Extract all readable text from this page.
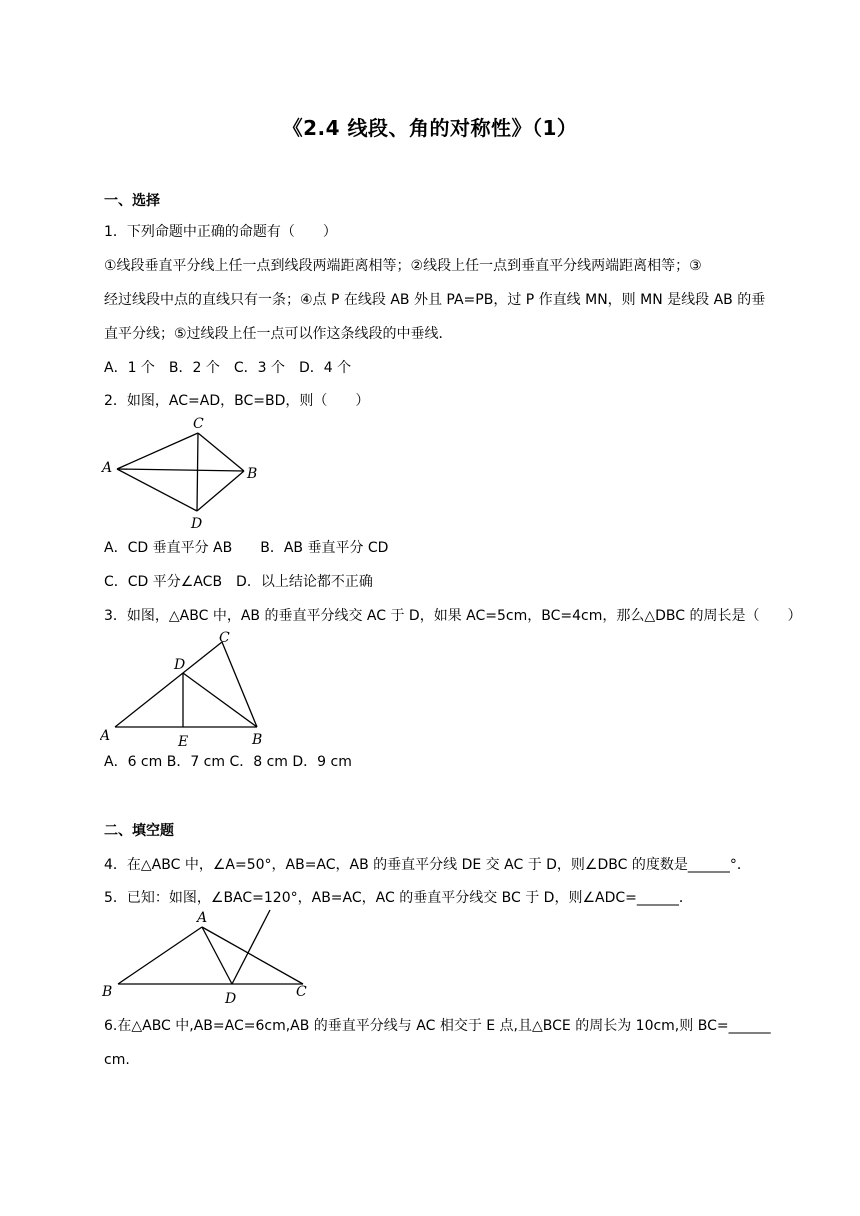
《2.4 线段、角的对称性》（1）
一、选择
1．下列命题中正确的命题有（　　）
①线段垂直平分线上任一点到线段两端距离相等；②线段上任一点到垂直平分线两端距离相等；③
经过线段中点的直线只有一条；④点 P 在线段 AB 外且 PA=PB，过 P 作直线 MN，则 MN 是线段 AB 的垂
直平分线；⑤过线段上任一点可以作这条线段的中垂线．
A．1 个　B．2 个　C．3 个　D．4 个
2．如图，AC=AD，BC=BD，则（　　）
A
C
B
D
A．CD 垂直平分 AB　　B．AB 垂直平分 CD
C．CD 平分∠ACB　D．以上结论都不正确
3．如图，△ABC 中，AB 的垂直平分线交 AC 于 D，如果 AC=5cm，BC=4cm，那么△DBC 的周长是（　　）
A
C
D
E	B
A．6 cm B．7 cm C．8 cm D．9 cm
二、填空题
4．在△ABC 中，∠A=50°，AB=AC，AB 的垂直平分线 DE 交 AC 于 D，则∠DBC 的度数是______°．
5．已知：如图，∠BAC=120°，AB=AC，AC 的垂直平分线交 BC 于 D，则∠ADC=______．
A
B	D	C
6.在△ABC 中,AB=AC=6cm,AB 的垂直平分线与 AC 相交于 E 点,且△BCE 的周长为 10cm,则 BC=______
cm.
